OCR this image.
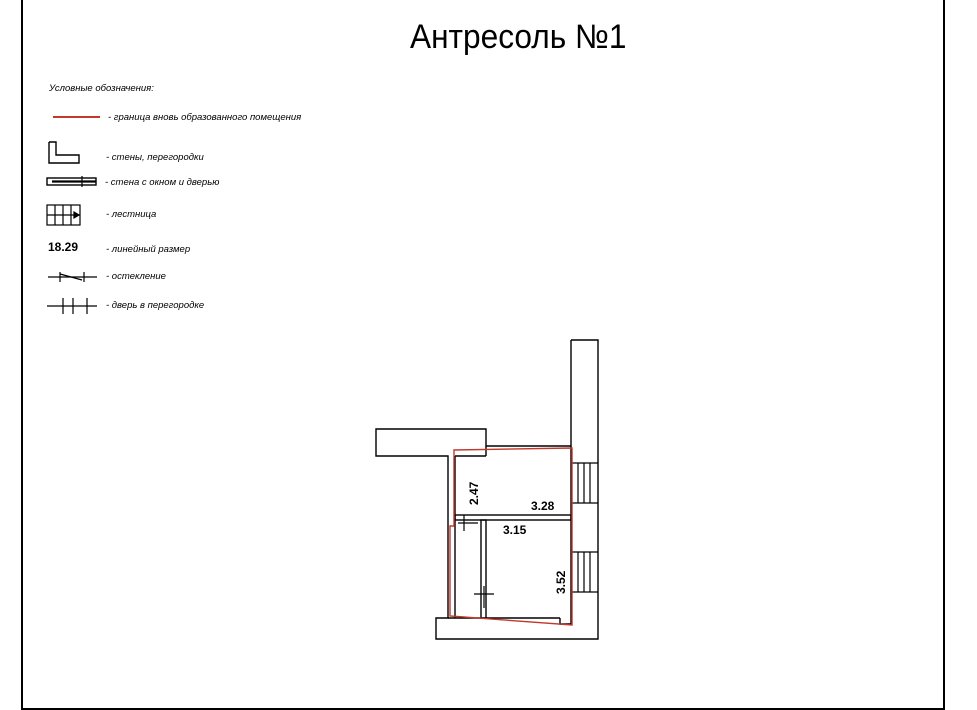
Антресоль №1
Условные обозначения:
- граница вновь образованного помещения
- стены, перегородки
- стена с окном и дверью
- лестница
18.29	- линейный размер
- остекление
- дверь в перегородке
2.47
3.28
3.15
3.52
